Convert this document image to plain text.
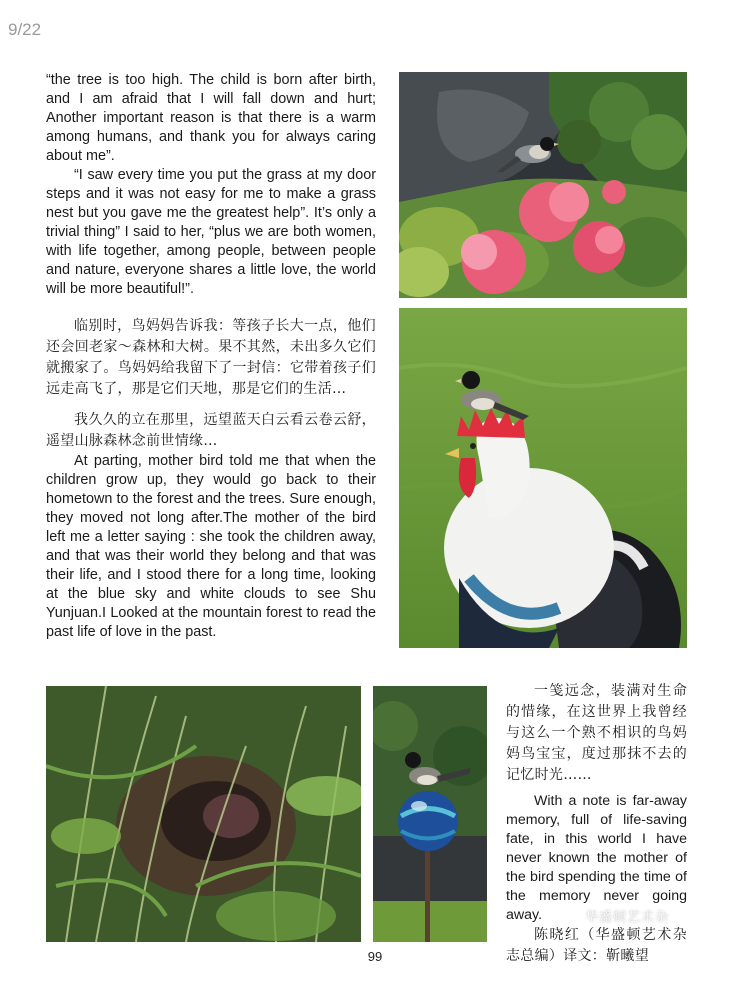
9/22

“the tree is too high. The child is born after birth, and I am afraid that I will fall down and hurt; Another important reason is that there is a warm among humans, and thank you for always caring about me”.

“I saw every time you put the grass at my door steps and it was not easy for me to make a grass nest but you gave me the greatest help”. It’s only a trivial thing” I said to her, “plus we are both women, with life together, among people, between people and nature, everyone shares a little love, the world will be more beautiful!”.

临别时，鸟妈妈告诉我：等孩子长大一点，他们还会回老家～森林和大树。果不其然，未出多久它们就搬家了。鸟妈妈给我留下了一封信：它带着孩子们远走高飞了，那是它们天地，那是它们的生活…

我久久的立在那里，远望蓝天白云看云卷云舒，遥望山脉森林念前世情缘…

At parting, mother bird told me that when the children grow up, they would go back to their hometown to the forest and the trees. Sure enough, they moved not long after.The mother of the bird left me a letter saying : she took the children away, and that was their world they belong and that was their life, and I stood there for a long time, looking at the blue sky and white clouds to see Shu Yunjuan.I Looked at the mountain forest to read the past life of love in the past.

一笺远念，装满对生命的惜缘，在这世界上我曾经与这么一个熟不相识的鸟妈妈鸟宝宝，度过那抹不去的记忆时光……

With a note is far-away memory, full of life-saving fate, in this world I have never known the mother of the bird spending the time of the memory never going away.

陈晓红（华盛顿艺术杂志总编）译文：靳曦望

华盛顿艺术杂
99
